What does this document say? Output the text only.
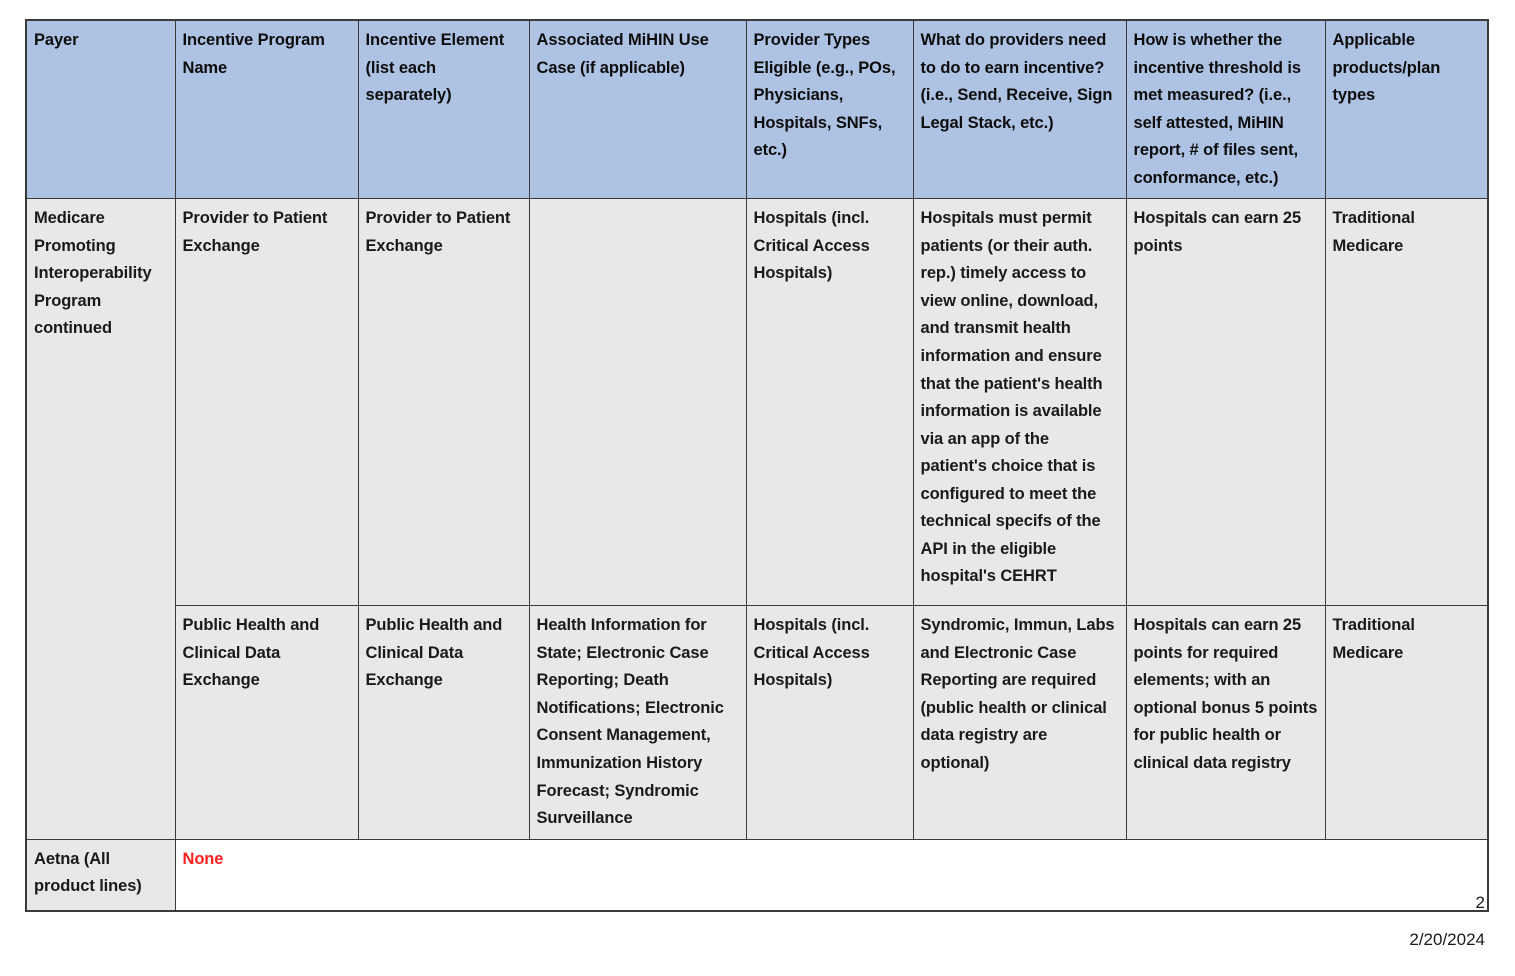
Payer	Incentive Program Name	Incentive Element (list each separately)	Associated MiHIN Use Case (if applicable)	Provider Types Eligible (e.g., POs, Physicians, Hospitals, SNFs, etc.)	What do providers need to do to earn incentive? (i.e., Send, Receive, Sign Legal Stack, etc.)	How is whether the incentive threshold is met measured? (i.e., self attested, MiHIN report, # of files sent, conformance, etc.)	Applicable products/plan types
Medicare Promoting Interoperability Program continued	Provider to Patient Exchange	Provider to Patient Exchange		Hospitals (incl. Critical Access Hospitals)	Hospitals must permit patients (or their auth. rep.) timely access to view online, download, and transmit health information and ensure that the patient's health information is available via an app of the patient's choice that is configured to meet the technical specifs of the API in the eligible hospital's CEHRT	Hospitals can earn 25 points	Traditional Medicare
	Public Health and Clinical Data Exchange	Public Health and Clinical Data Exchange	Health Information for State; Electronic Case Reporting; Death Notifications; Electronic Consent Management, Immunization History Forecast; Syndromic Surveillance	Hospitals (incl. Critical Access Hospitals)	Syndromic, Immun, Labs and Electronic Case Reporting are required (public health or clinical data registry are optional)	Hospitals can earn 25 points for required elements; with an optional bonus 5 points for public health or clinical data registry	Traditional Medicare
Aetna (All product lines)	None						
2
2/20/2024
